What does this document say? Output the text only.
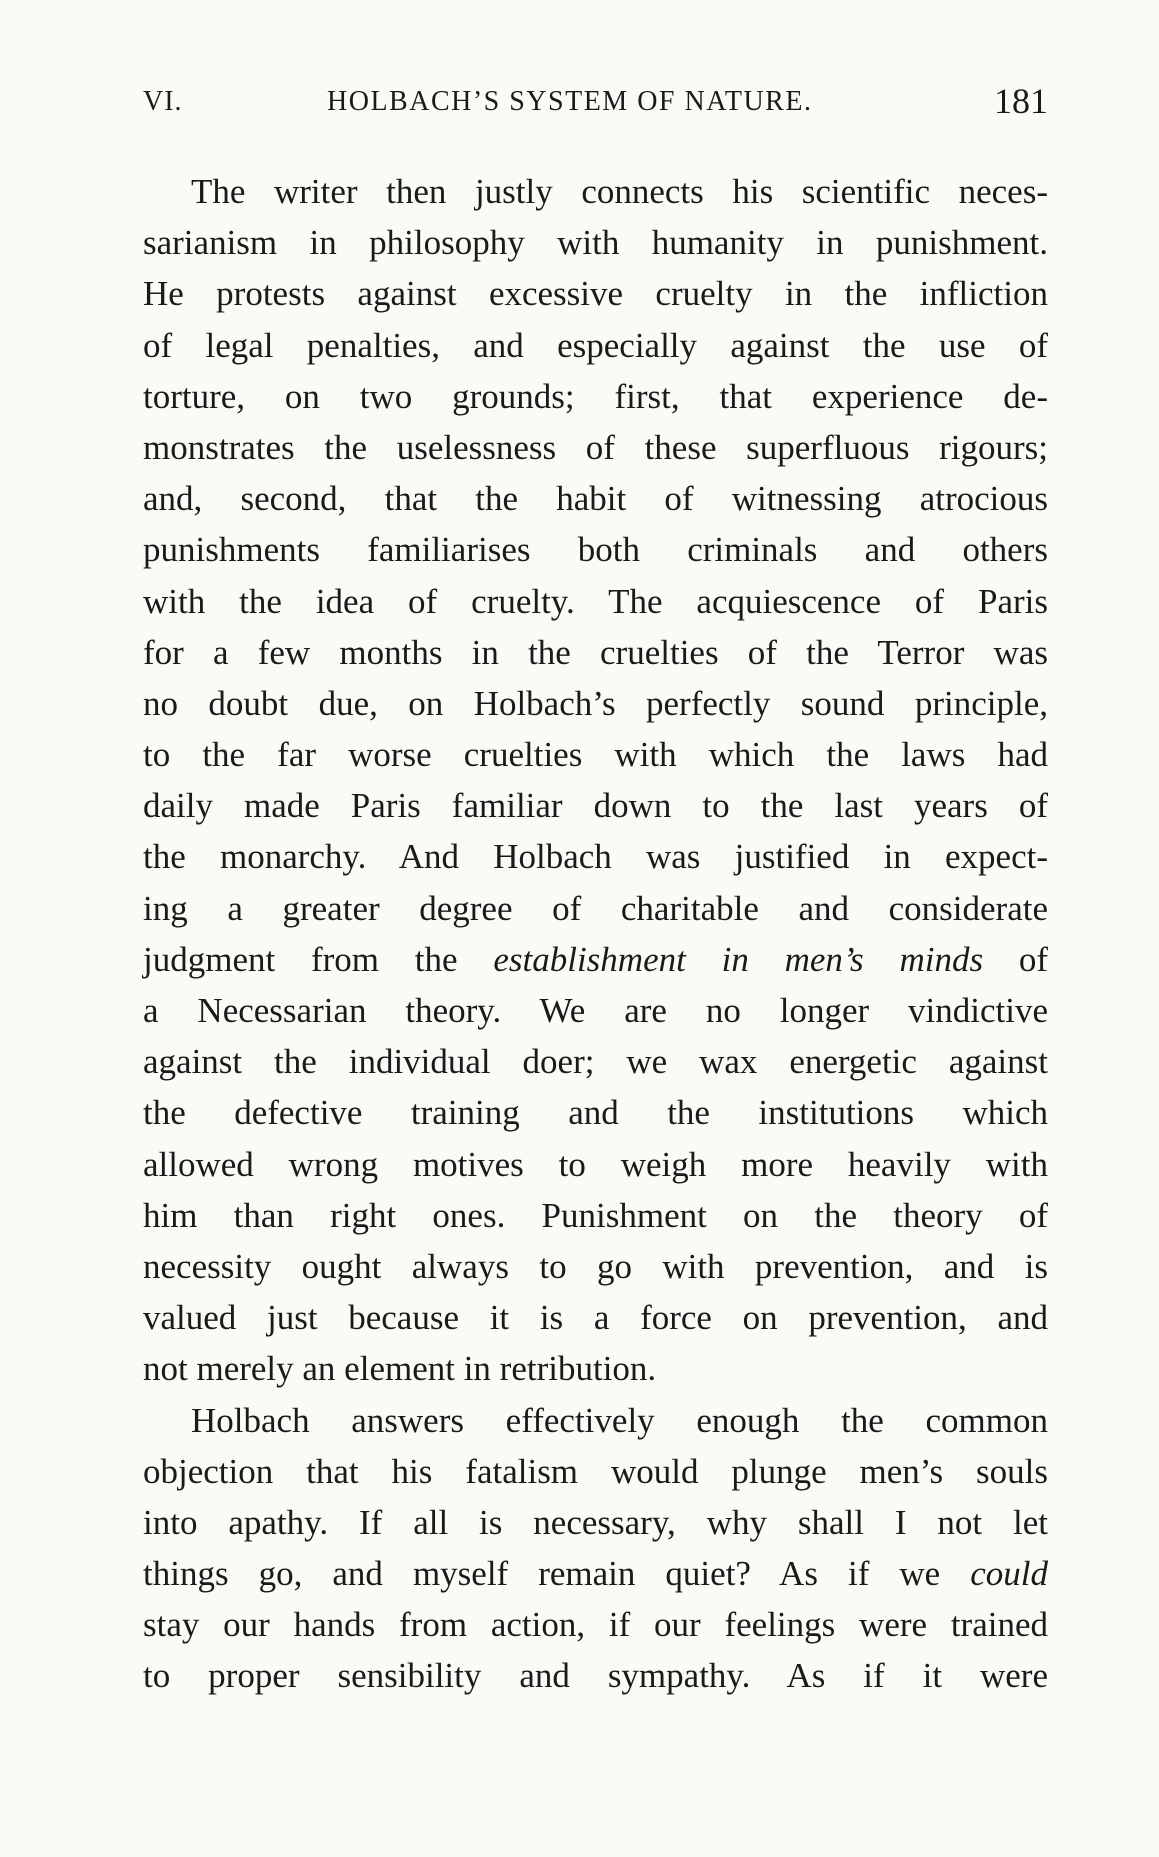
VI.	HOLBACH’S SYSTEM OF NATURE.	181
The writer then justly connects his scientific neces-
sarianism in philosophy with humanity in punishment.
He protests against excessive cruelty in the infliction
of legal penalties, and especially against the use of
torture, on two grounds; first, that experience de-
monstrates the uselessness of these superfluous rigours;
and, second, that the habit of witnessing atrocious
punishments familiarises both criminals and others
with the idea of cruelty. The acquiescence of Paris
for a few months in the cruelties of the Terror was
no doubt due, on Holbach’s perfectly sound principle,
to the far worse cruelties with which the laws had
daily made Paris familiar down to the last years of
the monarchy. And Holbach was justified in expect-
ing a greater degree of charitable and considerate
judgment from the establishment in men’s minds of
a Necessarian theory. We are no longer vindictive
against the individual doer; we wax energetic against
the defective training and the institutions which
allowed wrong motives to weigh more heavily with
him than right ones. Punishment on the theory of
necessity ought always to go with prevention, and is
valued just because it is a force on prevention, and
not merely an element in retribution.
Holbach answers effectively enough the common
objection that his fatalism would plunge men’s souls
into apathy. If all is necessary, why shall I not let
things go, and myself remain quiet? As if we could
stay our hands from action, if our feelings were trained
to proper sensibility and sympathy. As if it were
